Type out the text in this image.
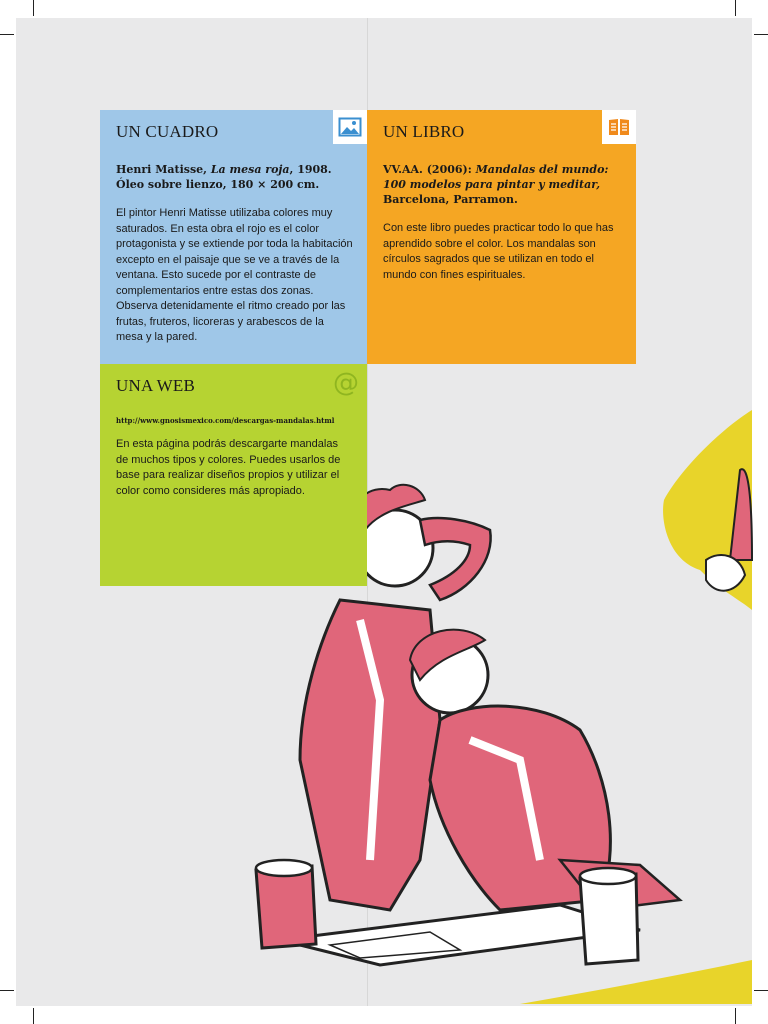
UN CUADRO

Henri Matisse, La mesa roja, 1908. Óleo sobre lienzo, 180 × 200 cm.

El pintor Henri Matisse utilizaba colores muy saturados. En esta obra el rojo es el color protagonista y se extiende por toda la habitación excepto en el paisaje que se ve a través de la ventana. Esto sucede por el contraste de complementarios entre estas dos zonas. Observa detenidamente el ritmo creado por las frutas, fruteros, licoreras y arabescos de la mesa y la pared.

UN LIBRO

VV.AA. (2006): Mandalas del mundo: 100 modelos para pintar y meditar, Barcelona, Parramon.

Con este libro puedes practicar todo lo que has aprendido sobre el color. Los mandalas son círculos sagrados que se utilizan en todo el mundo con fines espirituales.

UNA WEB	@

http://www.gnosismexico.com/descargas-mandalas.html

En esta página podrás descargarte mandalas de muchos tipos y colores. Puedes usarlos de base para realizar diseños propios y utilizar el color como consideres más apropiado.
